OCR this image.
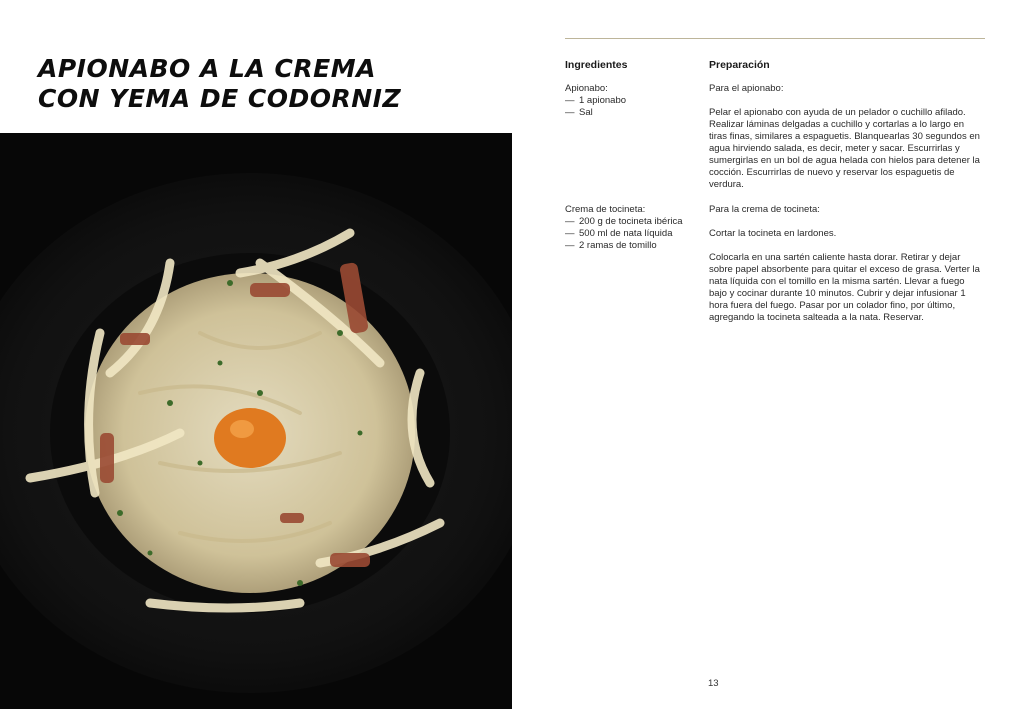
APIONABO A LA CREMA
CON YEMA DE CODORNIZ
Ingredientes	Preparación

Apionabo:

— 1 apionabo
— Sal

Crema de tocineta:

— 200 g de tocineta ibérica
— 500 ml de nata líquida
— 2 ramas de tomillo

Para el apionabo:

Pelar el apionabo con ayuda de un pelador o cuchillo afilado. Realizar láminas delgadas a cuchillo y cortarlas a lo largo en tiras finas, similares a espaguetis. Blanquearlas 30 segundos en agua hirviendo salada, es decir, meter y sacar. Escurrirlas y sumergirlas en un bol de agua helada con hielos para detener la cocción. Escurrirlas de nuevo y reservar los espaguetis de verdura.

Para la crema de tocineta:

Cortar la tocineta en lardones.

Colocarla en una sartén caliente hasta dorar. Retirar y dejar sobre papel absorbente para quitar el exceso de grasa. Verter la nata líquida con el tomillo en la misma sartén. Llevar a fuego bajo y cocinar durante 10 minutos. Cubrir y dejar infusionar 1 hora fuera del fuego. Pasar por un colador fino, por último, agregando la tocineta salteada a la nata. Reservar.

13
